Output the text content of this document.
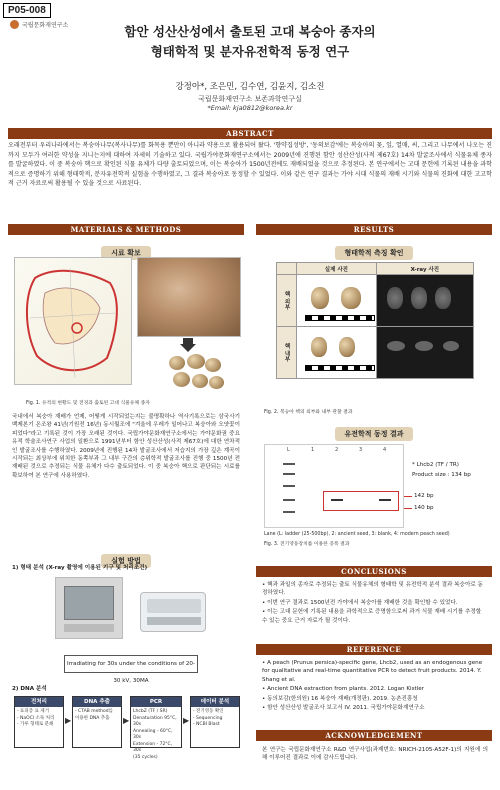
P05-008
국립문화재연구소	함안 성산산성에서 출토된 고대 복숭아 종자의
형태학적 및 분자유전학적 동정 연구
강정아*, 조은민, 김수연, 김윤지, 김소진
국립문화재연구소 보존과학연구실
*Email: kja0812@korea.kr
ABSTRACT
오래전부터 우리나라에서는 복숭아나무(복사나무)를 화목용 뿐만이 아니라 약용으로 활용되어 왔다. '향약집성방', '동의보감'에는 복숭아의 꽃, 잎, 열매, 씨, 그리고 나무에서 나오는 진까지 모두가 여러한 약성을 지니는지에 대하여 자세히 기술하고 있다. 국립가야문화재연구소에서는 2009년에 진행된 함안 성산산성(사적 제67호) 14차 발굴조사에서 식물유체 종자를 발굴하였다. 이 중 복숭아 핵으로 확인된 식물 유체가 다량 출토되었으며, 이는 복숭아가 1500년전에도 재배되었을 것으로 추정된다. 본 연구에서는 고대 문헌에 기록된 내용을 과학적으로 증명하기 위해 형태학적, 분자유전학적 실험을 수행하였고, 그 결과 복숭아로 동정할 수 있었다. 이와 같은 연구 결과는 가야 시대 식물의 재배 시기와 식물의 진화에 대한 고고학적 근거 자료로써 활용될 수 있을 것으로 사료된다.
MATERIALS & METHODS
시료 확보
Fig. 1. 유적의 현황도 및 전경과 출토된 고대 식물유체 종자
국내에서 복숭아 재배가 언제, 어떻게 시작되었는지는 불명확하나 역사기록으로는 삼국사기 백제본기 온조왕 41년(기원전 16년) 동시월조에 "겨울에 우레가 일어나고 복숭아와 오얏꽃이 피었다"라고 기록된 것이 가장 오래된 것이다. 국립가야문화재연구소에서는 가야문화권 중요유적 학술조사연구 사업의 일환으로 1991년부터 함안 성산산성(사적 제67호)에 대한 연차적인 발굴조사를 수행하였다. 2009년에 진행된 14차 발굴조사에서 저습지의 가장 깊은 계곡이 시작되는 최상부에 위치한 동쪽부과 그 내부 구간의 층위학적 발굴조사를 진행 중 1500년 전 재배된 것으로 추정되는 식물 유체가 다수 출토되었다. 이 중 복숭아 핵으로 판단되는 시료를 확보하여 본 연구에 사용하였다.
실험 방법
1) 형태 분석 (X-ray 촬영에 이용된 기구 및 처리조건)
Irradiating for 30s under the conditions of 20-30 kV, 30MA
2) DNA 분석
전처리
- 표피층 표 제거
- NaOCl 소독 처리
- 가루 형태로 분쇄	▶
DNA 추출
- CTAB method를
이용한 DNA 추출	▶
PCR
LhcbZ (TF / SR)
Denaturation 95°C, 30s
Annealing - 60°C, 30s
Extension - 72°C, 30s
(35 cycles)
▶
데이터 분석
- 전기영동 확인
- Sequencing
- NCBI Blast
RESULTS
형태학적 측징 확인
	실제 사진	X-ray 사진
핵 외부	

핵 내부	

Fig. 2. 복숭아 핵의 외부와 내부 관찰 결과
유전학적 동정 결과
L	1	2	3	4
* Lhcb2 (TF / TR)
Product size : 134 bp
142 bp
140 bp
Lane (L: ladder (25-500bp), 2: ancient seed, 3: blank, 4: modern peach seed)
Fig. 3. 전기영동장치를 이용한 증폭 결과
CONCLUSIONS
• 핵과 과일의 종자로 추정되는 출토 식물유체의 형태학 및 유전학적 분석 결과 복숭아로 동정하였다.
• 이번 연구 결과로 1500년전 가야에서 복숭아를 재배한 것을 확인할 수 있었다.
• 이는 고대 문헌에 기록된 내용을 과학적으로 증명함으로써 과거 식물 재배 시기를 추정할 수 있는 중요 근거 자료가 될 것이다.
REFERENCE
• A peach (Prunus persica)-specific gene, Lhcb2, used as an endogenous gene for qualitative and real-time quantitative PCR to detect fruit products. 2014. Y. Shang et al.
• Ancient DNA extraction from plants. 2012. Logan Kistler
• 동의보감(한의원) 16 복숭아 재배(개정판). 2019. 농촌진흥청
• 함안 성산산성 발굴조사 보고서 IV. 2011. 국립가야문화재연구소
ACKNOWLEDGEMENT
본 연구는 국립문화재연구소 R&D 연구사업(과제번호: NRICH-2105-A52F-1)의 지원에 의해 이루어진 결과로 이에 감사드립니다.
